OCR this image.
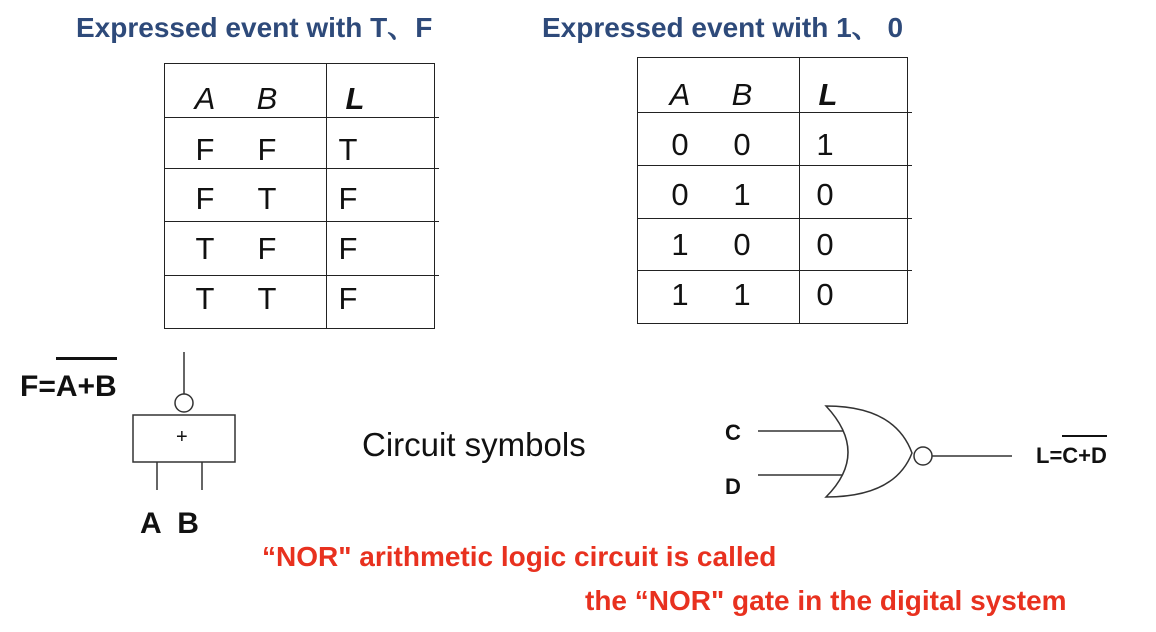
Expressed event with T、F	Expressed event with 1、 0
A	B	L
F	F	T
F	T	F
T	F	F
T	T	F
A	B	L
0	0	1
0	1	0
1	0	0
1	1	0
F=A+B
+
A  B
Circuit symbols	C
D
L=C+D
“NOR" arithmetic logic circuit is called
the “NOR" gate in the digital system
